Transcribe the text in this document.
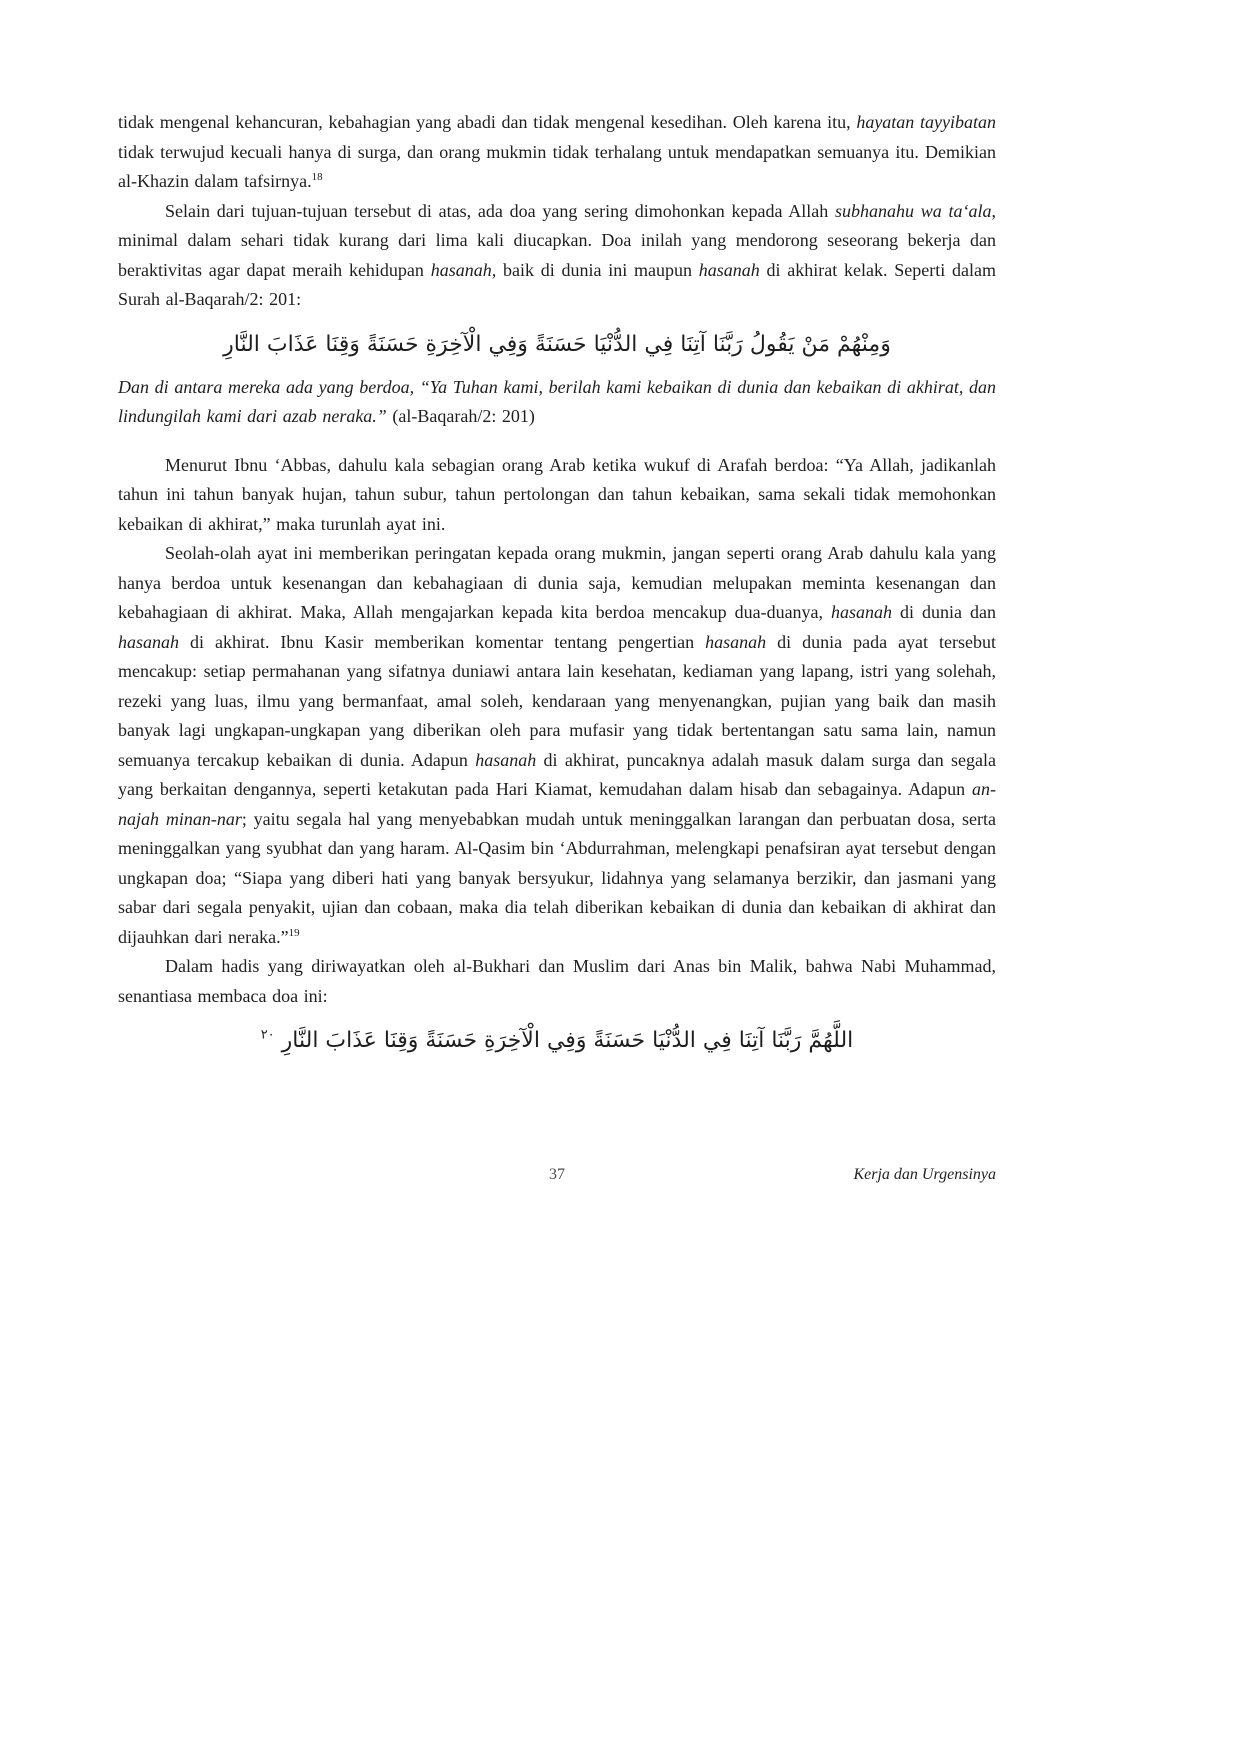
tidak mengenal kehancuran, kebahagian yang abadi dan tidak mengenal kesedihan. Oleh karena itu, hayatan tayyibatan tidak terwujud kecuali hanya di surga, dan orang mukmin tidak terhalang untuk mendapatkan semuanya itu. Demikian al-Khazin dalam tafsirnya.$^{18}$

Selain dari tujuan-tujuan tersebut di atas, ada doa yang sering dimohonkan kepada Allah subhanahu wa ta‘ala, minimal dalam sehari tidak kurang dari lima kali diucapkan. Doa inilah yang mendorong seseorang bekerja dan beraktivitas agar dapat meraih kehidupan hasanah, baik di dunia ini maupun hasanah di akhirat kelak. Seperti dalam Surah al-Baqarah/2: 201:

وَمِنْهُمْ مَنْ يَقُولُ رَبَّنَا آتِنَا فِي الدُّنْيَا حَسَنَةً وَفِي الْآخِرَةِ حَسَنَةً وَقِنَا عَذَابَ النَّارِ

Dan di antara mereka ada yang berdoa, “Ya Tuhan kami, berilah kami kebaikan di dunia dan kebaikan di akhirat, dan lindungilah kami dari azab neraka.” (al-Baqarah/2: 201)

Menurut Ibnu ‘Abbas, dahulu kala sebagian orang Arab ketika wukuf di Arafah berdoa: “Ya Allah, jadikanlah tahun ini tahun banyak hujan, tahun subur, tahun pertolongan dan tahun kebaikan, sama sekali tidak memohonkan kebaikan di akhirat,” maka turunlah ayat ini.

Seolah-olah ayat ini memberikan peringatan kepada orang mukmin, jangan seperti orang Arab dahulu kala yang hanya berdoa untuk kesenangan dan kebahagiaan di dunia saja, kemudian melupakan meminta kesenangan dan kebahagiaan di akhirat. Maka, Allah mengajarkan kepada kita berdoa mencakup dua-duanya, hasanah di dunia dan hasanah di akhirat. Ibnu Kasir memberikan komentar tentang pengertian hasanah di dunia pada ayat tersebut mencakup: setiap permahanan yang sifatnya duniawi antara lain kesehatan, kediaman yang lapang, istri yang solehah, rezeki yang luas, ilmu yang bermanfaat, amal soleh, kendaraan yang menyenangkan, pujian yang baik dan masih banyak lagi ungkapan-ungkapan yang diberikan oleh para mufasir yang tidak bertentangan satu sama lain, namun semuanya tercakup kebaikan di dunia. Adapun hasanah di akhirat, puncaknya adalah masuk dalam surga dan segala yang berkaitan dengannya, seperti ketakutan pada Hari Kiamat, kemudahan dalam hisab dan sebagainya. Adapun an-najah minan-nar; yaitu segala hal yang menyebabkan mudah untuk meninggalkan larangan dan perbuatan dosa, serta meninggalkan yang syubhat dan yang haram. Al-Qasim bin ‘Abdurrahman, melengkapi penafsiran ayat tersebut dengan ungkapan doa; “Siapa yang diberi hati yang banyak bersyukur, lidahnya yang selamanya berzikir, dan jasmani yang sabar dari segala penyakit, ujian dan cobaan, maka dia telah diberikan kebaikan di dunia dan kebaikan di akhirat dan dijauhkan dari neraka.”$^{19}$

Dalam hadis yang diriwayatkan oleh al-Bukhari dan Muslim dari Anas bin Malik, bahwa Nabi Muhammad, senantiasa membaca doa ini:

اللَّهُمَّ رَبَّنَا آتِنَا فِي الدُّنْيَا حَسَنَةً وَفِي الْآخِرَةِ حَسَنَةً وَقِنَا عَذَابَ النَّارِ $^{٢٠}$

37	Kerja dan Urgensinya
